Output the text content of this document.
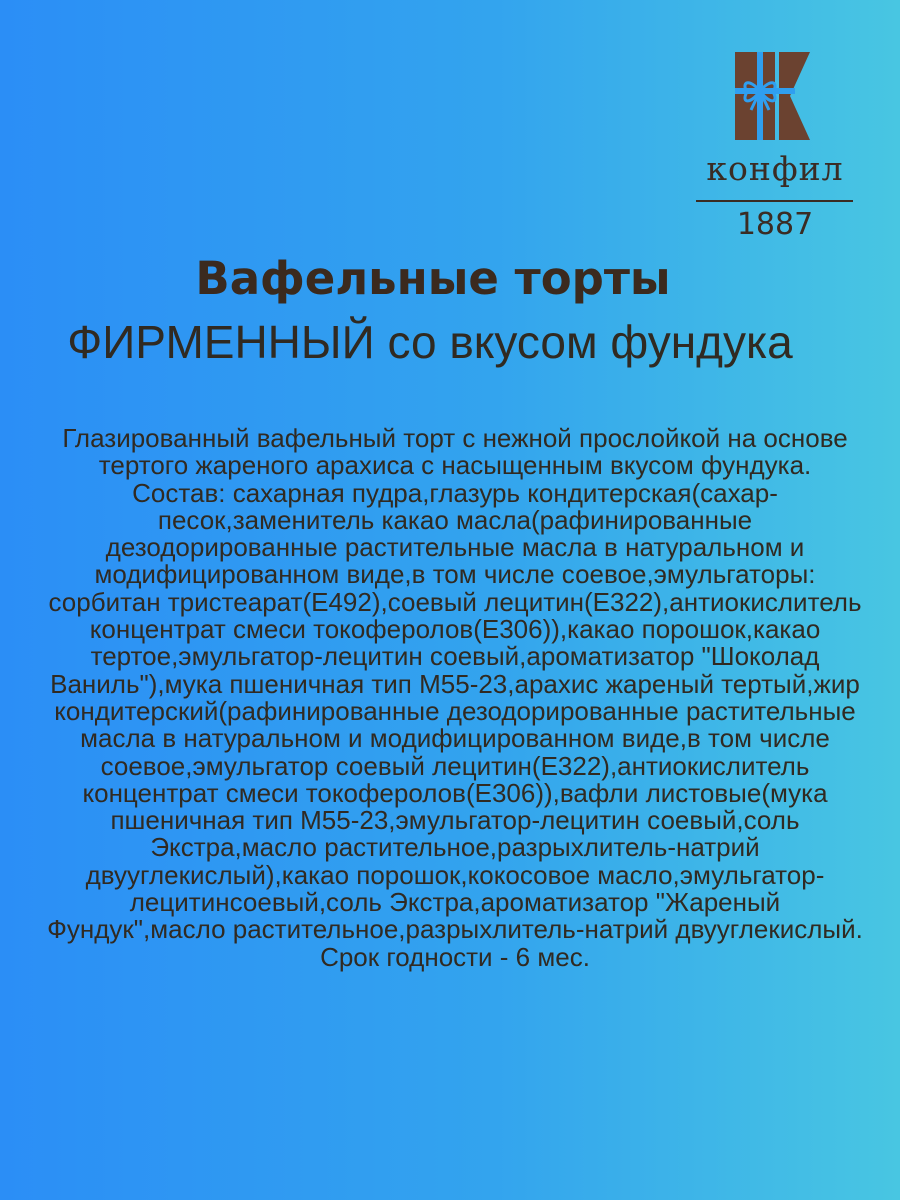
конфил
1887
Вафельные торты
ФИРМЕННЫЙ со вкусом фундука

Глазированный вафельный торт с нежной прослойкой на основе тертого жареного арахиса с насыщенным вкусом фундука.

Состав: сахарная пудра,глазурь кондитерская(сахар-песок,заменитель какао масла(рафинированные дезодорированные растительные масла в натуральном и модифицированном виде,в том числе соевое,эмульгаторы: сорбитан тристеарат(Е492),соевый лецитин(Е322),антиокислитель концентрат смеси токоферолов(Е306)),какао порошок,какао тертое,эмульгатор-лецитин соевый,ароматизатор "Шоколад Ваниль"),мука пшеничная тип М55-23,арахис жареный тертый,жир кондитерский(рафинированные дезодорированные растительные масла в натуральном и модифицированном виде,в том числе соевое,эмульгатор соевый лецитин(Е322),антиокислитель концентрат смеси токоферолов(Е306)),вафли листовые(мука пшеничная тип М55-23,эмульгатор-лецитин соевый,соль Экстра,масло растительное,разрыхлитель-натрий двууглекислый),какао порошок,кокосовое масло,эмульгатор-лецитинсоевый,соль Экстра,ароматизатор "Жареный Фундук",масло растительное,разрыхлитель-натрий двууглекислый.

Срок годности - 6 мес.
